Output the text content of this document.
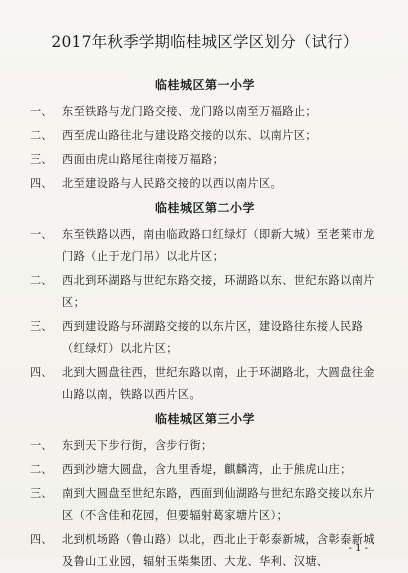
2017年秋季学期临桂城区学区划分（试行）
临桂城区第一小学
一、 东至铁路与龙门路交接、龙门路以南至万福路止；
二、 西至虎山路往北与建设路交接的以东、以南片区；
三、 西面由虎山路尾往南接万福路；
四、 北至建设路与人民路交接的以西以南片区。
临桂城区第二小学
一、 东至铁路以西，南由临政路口红绿灯（即新大城）至老莱市龙门路（止于龙门吊）以北片区；
二、 西北到环湖路与世纪东路交接，环湖路以东、世纪东路以南片区；
三、 西到建设路与环湖路交接的以东片区，建设路往东接人民路（红绿灯）以北片区；
四、 北到大圆盘往西，世纪东路以南，止于环湖路北，大圆盘往金山路以南，铁路以西片区。
临桂城区第三小学
一、 东到天下步行街，含步行街；
二、 西到沙塘大圆盘，含九里香堤，麒麟湾，止于熊虎山庄；
三、 南到大圆盘至世纪东路，西面到仙湖路与世纪东路交接以东片区（不含佳和花园，但要辐射葛家塘片区）；
四、 北到机场路（鲁山路）以北，西北止于彰泰新城，含彰泰新城及鲁山工业园，辐射玉柴集团、大龙、华利、汉塘、
- 1 -
